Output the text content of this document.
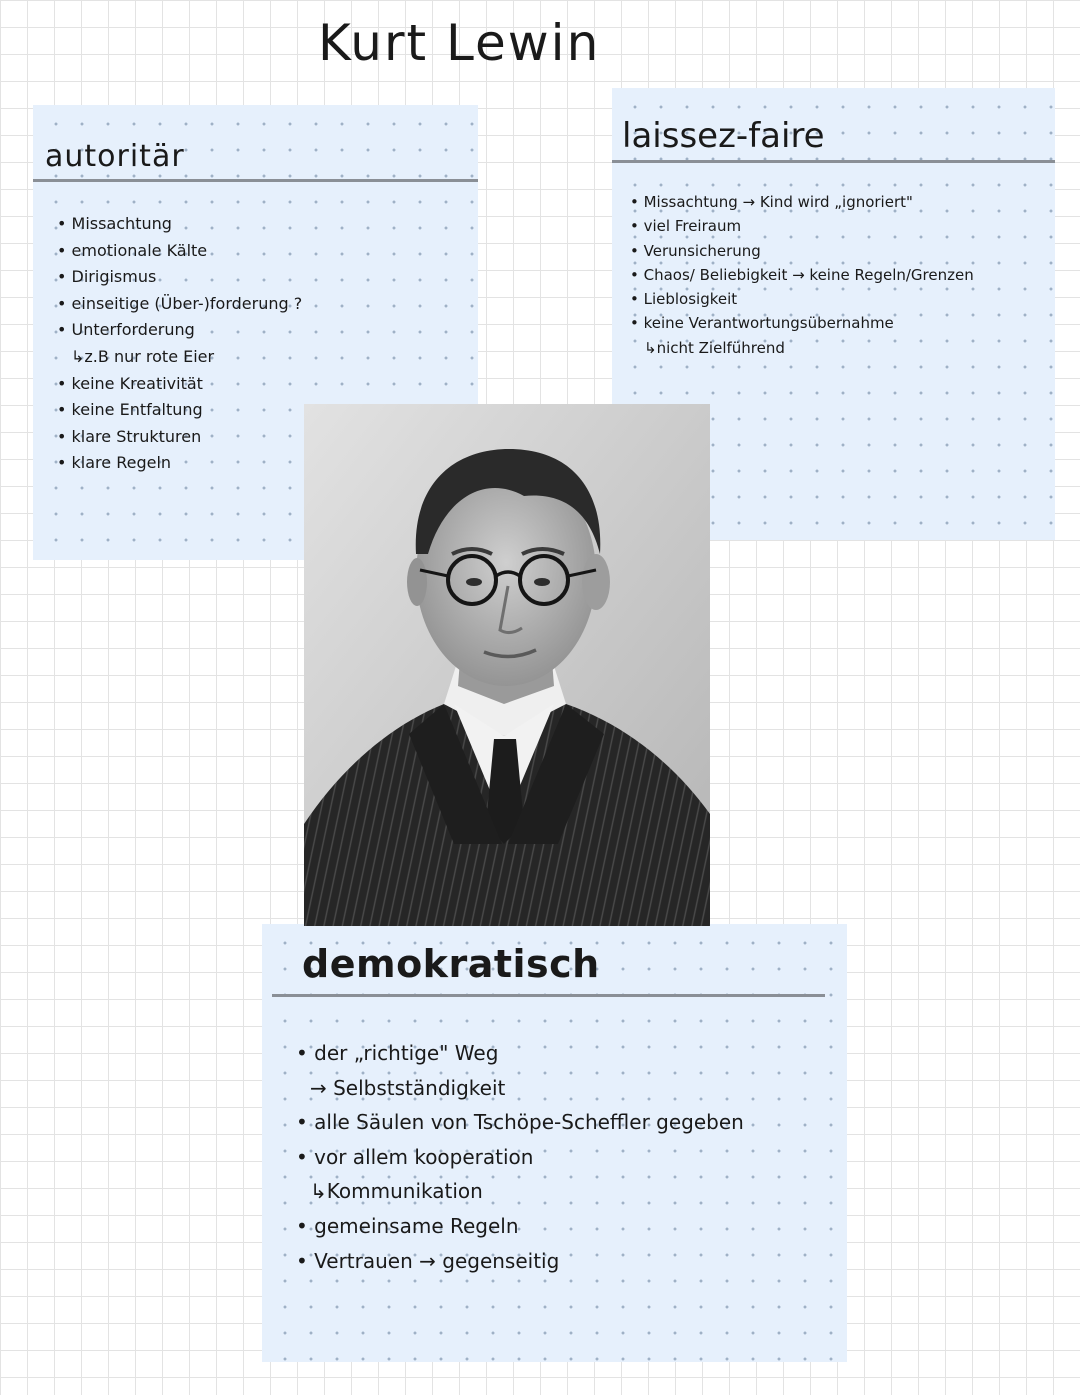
Kurt Lewin
autoritär
• Missachtung
• emotionale Kälte
• Dirigismus
• einseitige (Über-)forderung ?
• Unterforderung
↳ z.B nur rote Eier
• keine Kreativität
• keine Entfaltung
• klare Strukturen
• klare Regeln
laissez-faire
• Missachtung → Kind wird „ignoriert"
• viel Freiraum
• Verunsicherung
• Chaos/ Beliebigkeit → keine Regeln/Grenzen
• Lieblosigkeit
• keine Verantwortungsübernahme
↳ nicht Zielführend
demokratisch
• der „richtige" Weg
→ Selbstständigkeit
• alle Säulen von Tschöpe-Scheffler gegeben
• vor allem kooperation
↳ Kommunikation
• gemeinsame Regeln
• Vertrauen → gegenseitig
